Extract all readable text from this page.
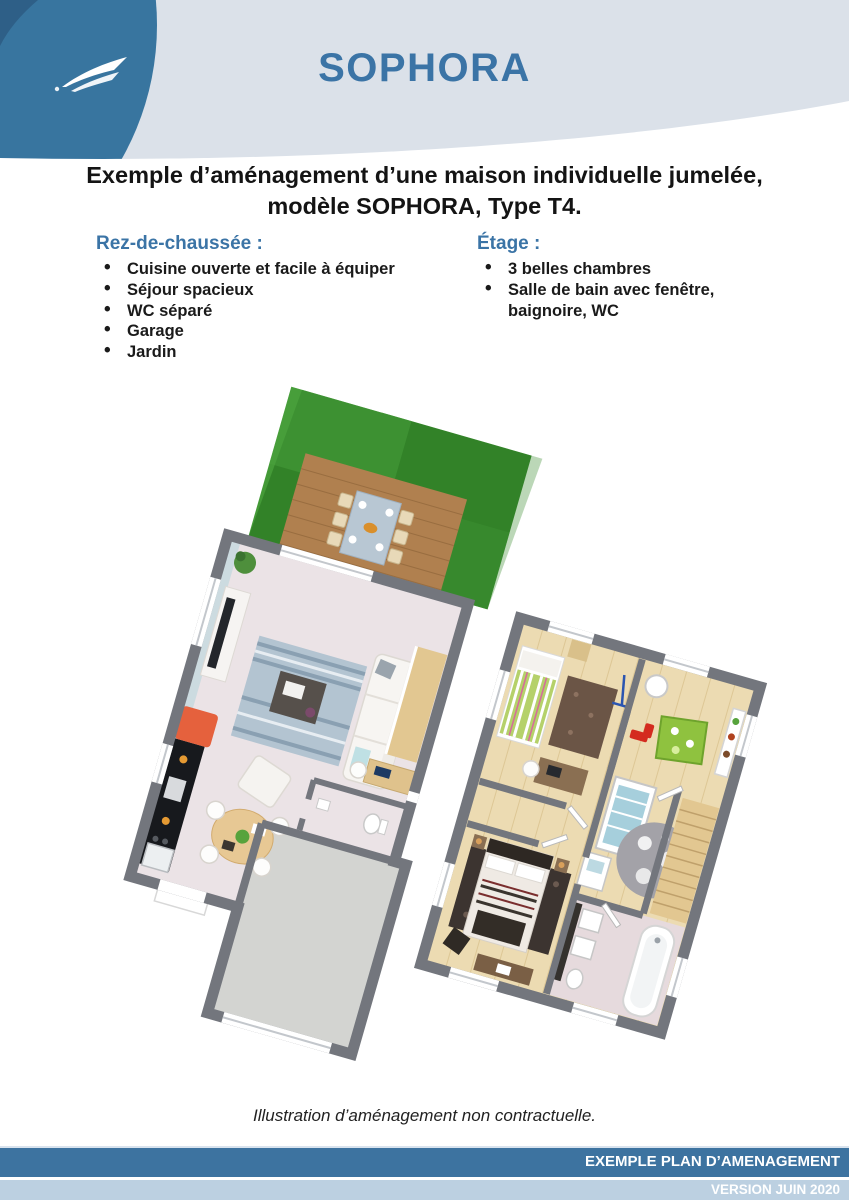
SOPHORA
Exemple d’aménagement d’une maison individuelle jumelée,
modèle SOPHORA, Type T4.
Rez-de-chaussée :
• Cuisine ouverte et facile à équiper
• Séjour spacieux
• WC séparé
• Garage
• Jardin
Étage :
• 3 belles chambres
• Salle de bain avec fenêtre, baignoire, WC
Illustration d’aménagement non contractuelle.
EXEMPLE PLAN D’AMENAGEMENT
VERSION JUIN 2020
